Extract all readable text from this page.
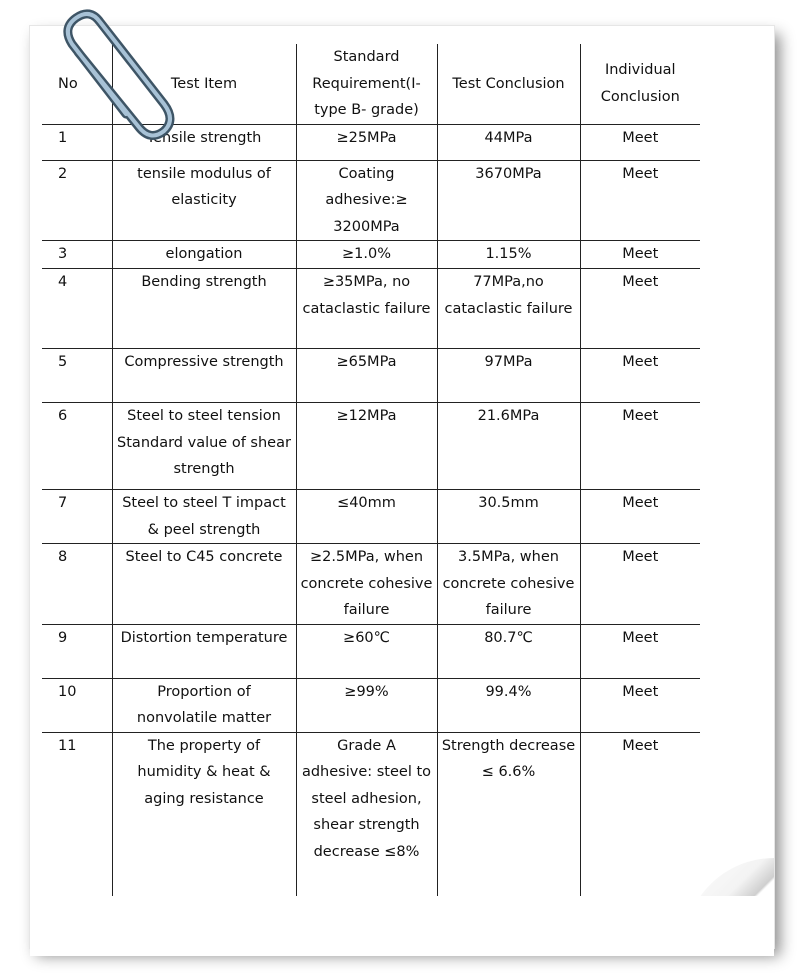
No	Test Item	Standard Requirement(I-type B- grade)	Test Conclusion	Individual Conclusion
1	Tensile strength	≥25MPa	44MPa	Meet
2	tensile modulus of elasticity	Coating adhesive:≥ 3200MPa	3670MPa	Meet
3	elongation	≥1.0%	1.15%	Meet
4	Bending strength	≥35MPa, no cataclastic failure	77MPa,no cataclastic failure	Meet
5	Compressive strength	≥65MPa	97MPa	Meet
6	Steel to steel tension Standard value of shear strength	≥12MPa	21.6MPa	Meet
7	Steel to steel T impact & peel strength	≤40mm	30.5mm	Meet
8	Steel to C45 concrete	≥2.5MPa, when concrete cohesive failure	3.5MPa, when concrete cohesive failure	Meet
9	Distortion temperature	≥60℃	80.7℃	Meet
10	Proportion of nonvolatile matter	≥99%	99.4%	Meet
11	The property of humidity & heat & aging resistance	Grade A adhesive: steel to steel adhesion, shear strength decrease ≤8%	Strength decrease ≤ 6.6%	Meet
